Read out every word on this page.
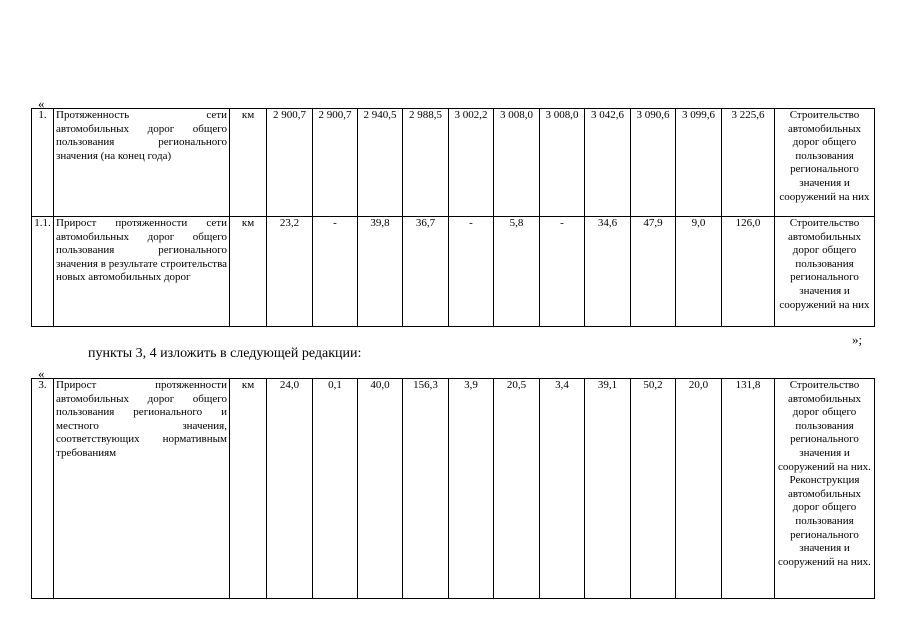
«
1.	Протяженность сети автомобильных дорог общего пользования регионального значения (на конец года)	км	2 900,7	2 900,7	2 940,5	2 988,5	3 002,2	3 008,0	3 008,0	3 042,6	3 090,6	3 099,6	3 225,6	Строительство автомобильных дорог общего пользования регионального значения и сооружений на них
1.1.	Прирост протяженности сети автомобильных дорог общего пользования регионального значения в результате строительства новых автомобильных дорог	км	23,2	-	39,8	36,7	-	5,8	-	34,6	47,9	9,0	126,0	Строительство автомобильных дорог общего пользования регионального значения и сооружений на них
»;
пункты 3, 4 изложить в следующей редакции:
«
3.	Прирост протяженности автомобильных дорог общего пользования регионального и местного значения, соответствующих нормативным требованиям	км	24,0	0,1	40,0	156,3	3,9	20,5	3,4	39,1	50,2	20,0	131,8	Строительство автомобильных дорог общего пользования регионального значения и сооружений на них. Реконструкция автомобильных дорог общего пользования регионального значения и сооружений на них.
